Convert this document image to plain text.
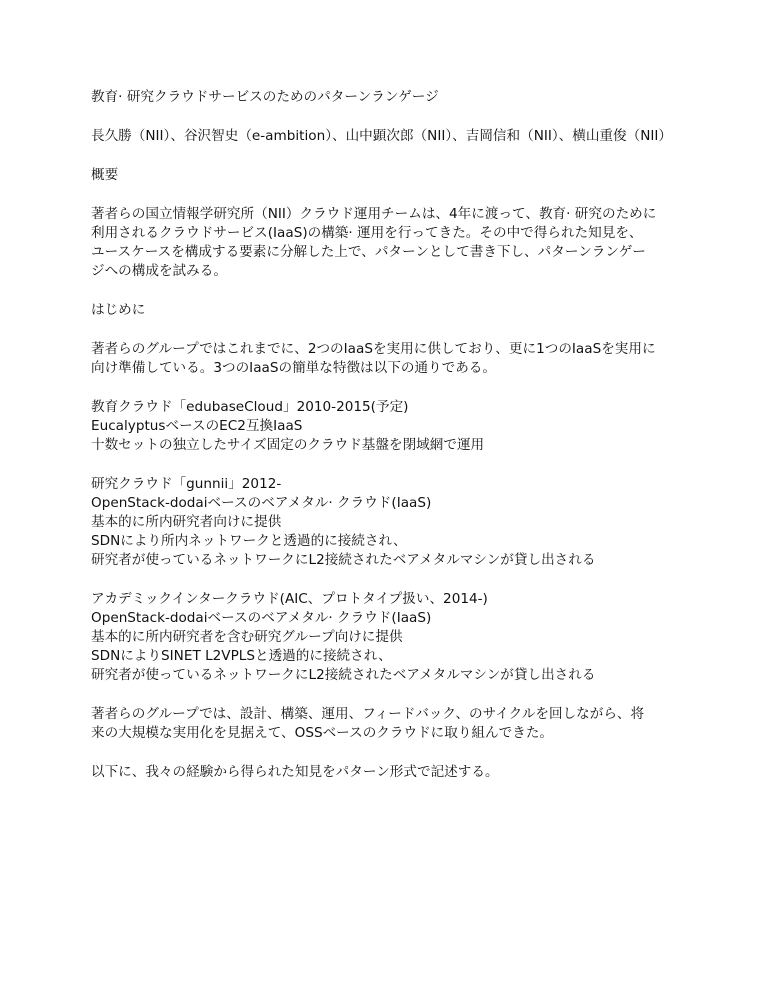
教育· 研究クラウドサービスのためのパターンランゲージ

長久勝（NII）、谷沢智史（e-ambition）、山中顕次郎（NII）、吉岡信和（NII）、横山重俊（NII）

概要

著者らの国立情報学研究所（NII）クラウド運用チームは、4年に渡って、教育· 研究のために

利用されるクラウドサービス(IaaS)の構築· 運用を行ってきた。その中で得られた知見を、

ユースケースを構成する要素に分解した上で、パターンとして書き下し、パターンランゲー

ジへの構成を試みる。

はじめに

著者らのグループではこれまでに、2つのIaaSを実用に供しており、更に1つのIaaSを実用に

向け準備している。3つのIaaSの簡単な特徴は以下の通りである。

教育クラウド「edubaseCloud」2010-2015(予定)

EucalyptusベースのEC2互換IaaS

十数セットの独立したサイズ固定のクラウド基盤を閉域網で運用

研究クラウド「gunnii」2012-

OpenStack-dodaiベースのベアメタル· クラウド(IaaS)

基本的に所内研究者向けに提供

SDNにより所内ネットワークと透過的に接続され、

研究者が使っているネットワークにL2接続されたベアメタルマシンが貸し出される

アカデミックインタークラウド(AIC、プロトタイプ扱い、2014-)

OpenStack-dodaiベースのベアメタル· クラウド(IaaS)

基本的に所内研究者を含む研究グループ向けに提供

SDNによりSINET L2VPLSと透過的に接続され、

研究者が使っているネットワークにL2接続されたベアメタルマシンが貸し出される

著者らのグループでは、設計、構築、運用、フィードバック、のサイクルを回しながら、将

来の大規模な実用化を見据えて、OSSベースのクラウドに取り組んできた。

以下に、我々の経験から得られた知見をパターン形式で記述する。
